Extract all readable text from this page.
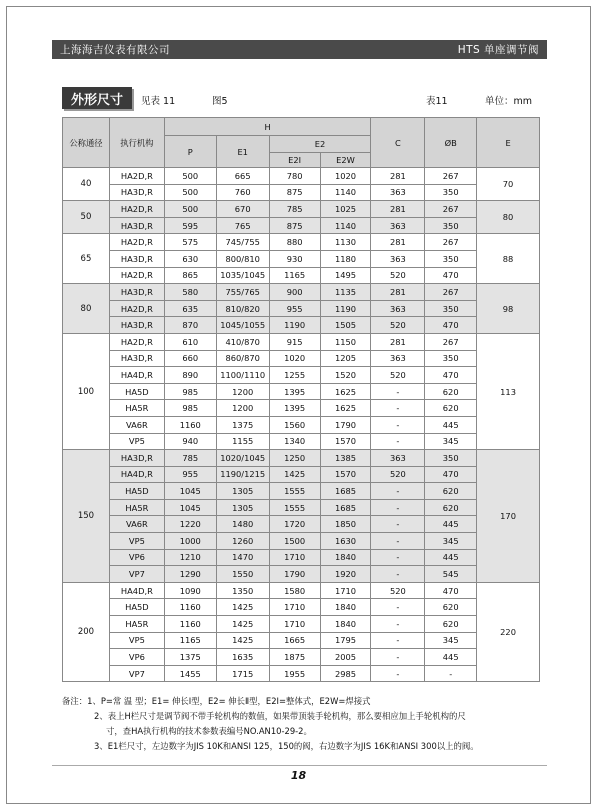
上海海吉仪表有限公司	HTS 单座调节阀
外形尺寸	见表 11	图5	表11	单位：mm
公称通径	执行机构	H				C	ØB	E
		P	E1	E2				
				E2Ⅰ	E2W			
40	HA2D,R	500	665	780	1020	281	267	70
	HA3D,R	500	760	875	1140	363	350	
50	HA2D,R	500	670	785	1025	281	267	80
	HA3D,R	595	765	875	1140	363	350	
65	HA2D,R	575	745/755	880	1130	281	267	88
	HA3D,R	630	800/810	930	1180	363	350	
	HA2D,R	865	1035/1045	1165	1495	520	470	
80	HA3D,R	580	755/765	900	1135	281	267	98
	HA2D,R	635	810/820	955	1190	363	350	
	HA3D,R	870	1045/1055	1190	1505	520	470	
100	HA2D,R	610	410/870	915	1150	281	267	113
	HA3D,R	660	860/870	1020	1205	363	350	
	HA4D,R	890	1100/1110	1255	1520	520	470	
	HA5D	985	1200	1395	1625	-	620	
	HA5R	985	1200	1395	1625	-	620	
	VA6R	1160	1375	1560	1790	-	445	
	VP5	940	1155	1340	1570	-	345	
150	HA3D,R	785	1020/1045	1250	1385	363	350	170
	HA4D,R	955	1190/1215	1425	1570	520	470	
	HA5D	1045	1305	1555	1685	-	620	
	HA5R	1045	1305	1555	1685	-	620	
	VA6R	1220	1480	1720	1850	-	445	
	VP5	1000	1260	1500	1630	-	345	
	VP6	1210	1470	1710	1840	-	445	
	VP7	1290	1550	1790	1920	-	545	
200	HA4D,R	1090	1350	1580	1710	520	470	220
	HA5D	1160	1425	1710	1840	-	620	
	HA5R	1160	1425	1710	1840	-	620	
	VP5	1165	1425	1665	1795	-	345	
	VP6	1375	1635	1875	2005	-	445	
	VP7	1455	1715	1955	2985	-	-	
备注：1、P=常 温 型；E1= 伸长Ⅰ型，E2= 伸长Ⅱ型，E2I=整体式，E2W=焊接式
2、表上H栏尺寸是调节阀不带手轮机构的数值，如果带顶装手轮机构，那么要相应加上手轮机构的尺
寸，查HA执行机构的技术参数表编号NO.AN10-29-2。
3、E1栏尺寸，左边数字为JIS 10K和ANSI 125，150的阀，右边数字为JIS 16K和ANSI 300以上的阀。
18
